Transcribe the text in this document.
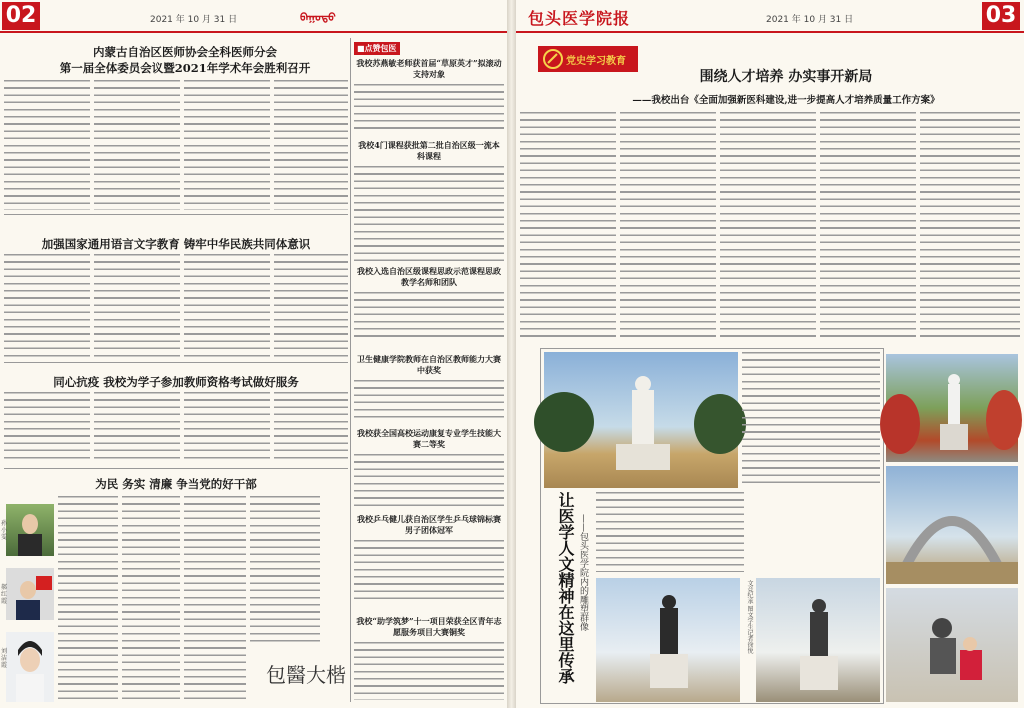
02	2021 年 10 月 31 日	ᠪᠠᠭᠤᠲᠤ
内蒙古自治区医师协会全科医师分会
第一届全体委员会议暨2021年学术年会胜利召开
加强国家通用语言文字教育 铸牢中华民族共同体意识
同心抗疫 我校为学子参加教师资格考试做好服务
为民 务实 清廉 争当党的好干部
孙小雯
郝红霞
刘洁霞	包醫大楷
■点赞包医
我校苏燕敏老师获首届“草原英才”拟滚动支持对象
我校4门课程获批第二批自治区级一流本科课程
我校入选自治区级课程思政示范课程思政教学名师和团队
卫生健康学院教师在自治区教师能力大赛中获奖
我校获全国高校运动康复专业学生技能大赛二等奖
我校乒乓健儿获自治区学生乒乓球锦标赛男子团体冠军
我校“助学筑梦”十一项目荣获全区青年志愿服务项目大赛铜奖
包头医学院报	2021 年 10 月 31 日	03
党史学习教育
围绕人才培养 办实事开新局
——我校出台《全面加强新医科建设,进一步提高人才培养质量工作方案》
让医学人文精神在这里传承 ——包头医学院内的雕塑群像	文竞纪承 图文学生记者徐悦
